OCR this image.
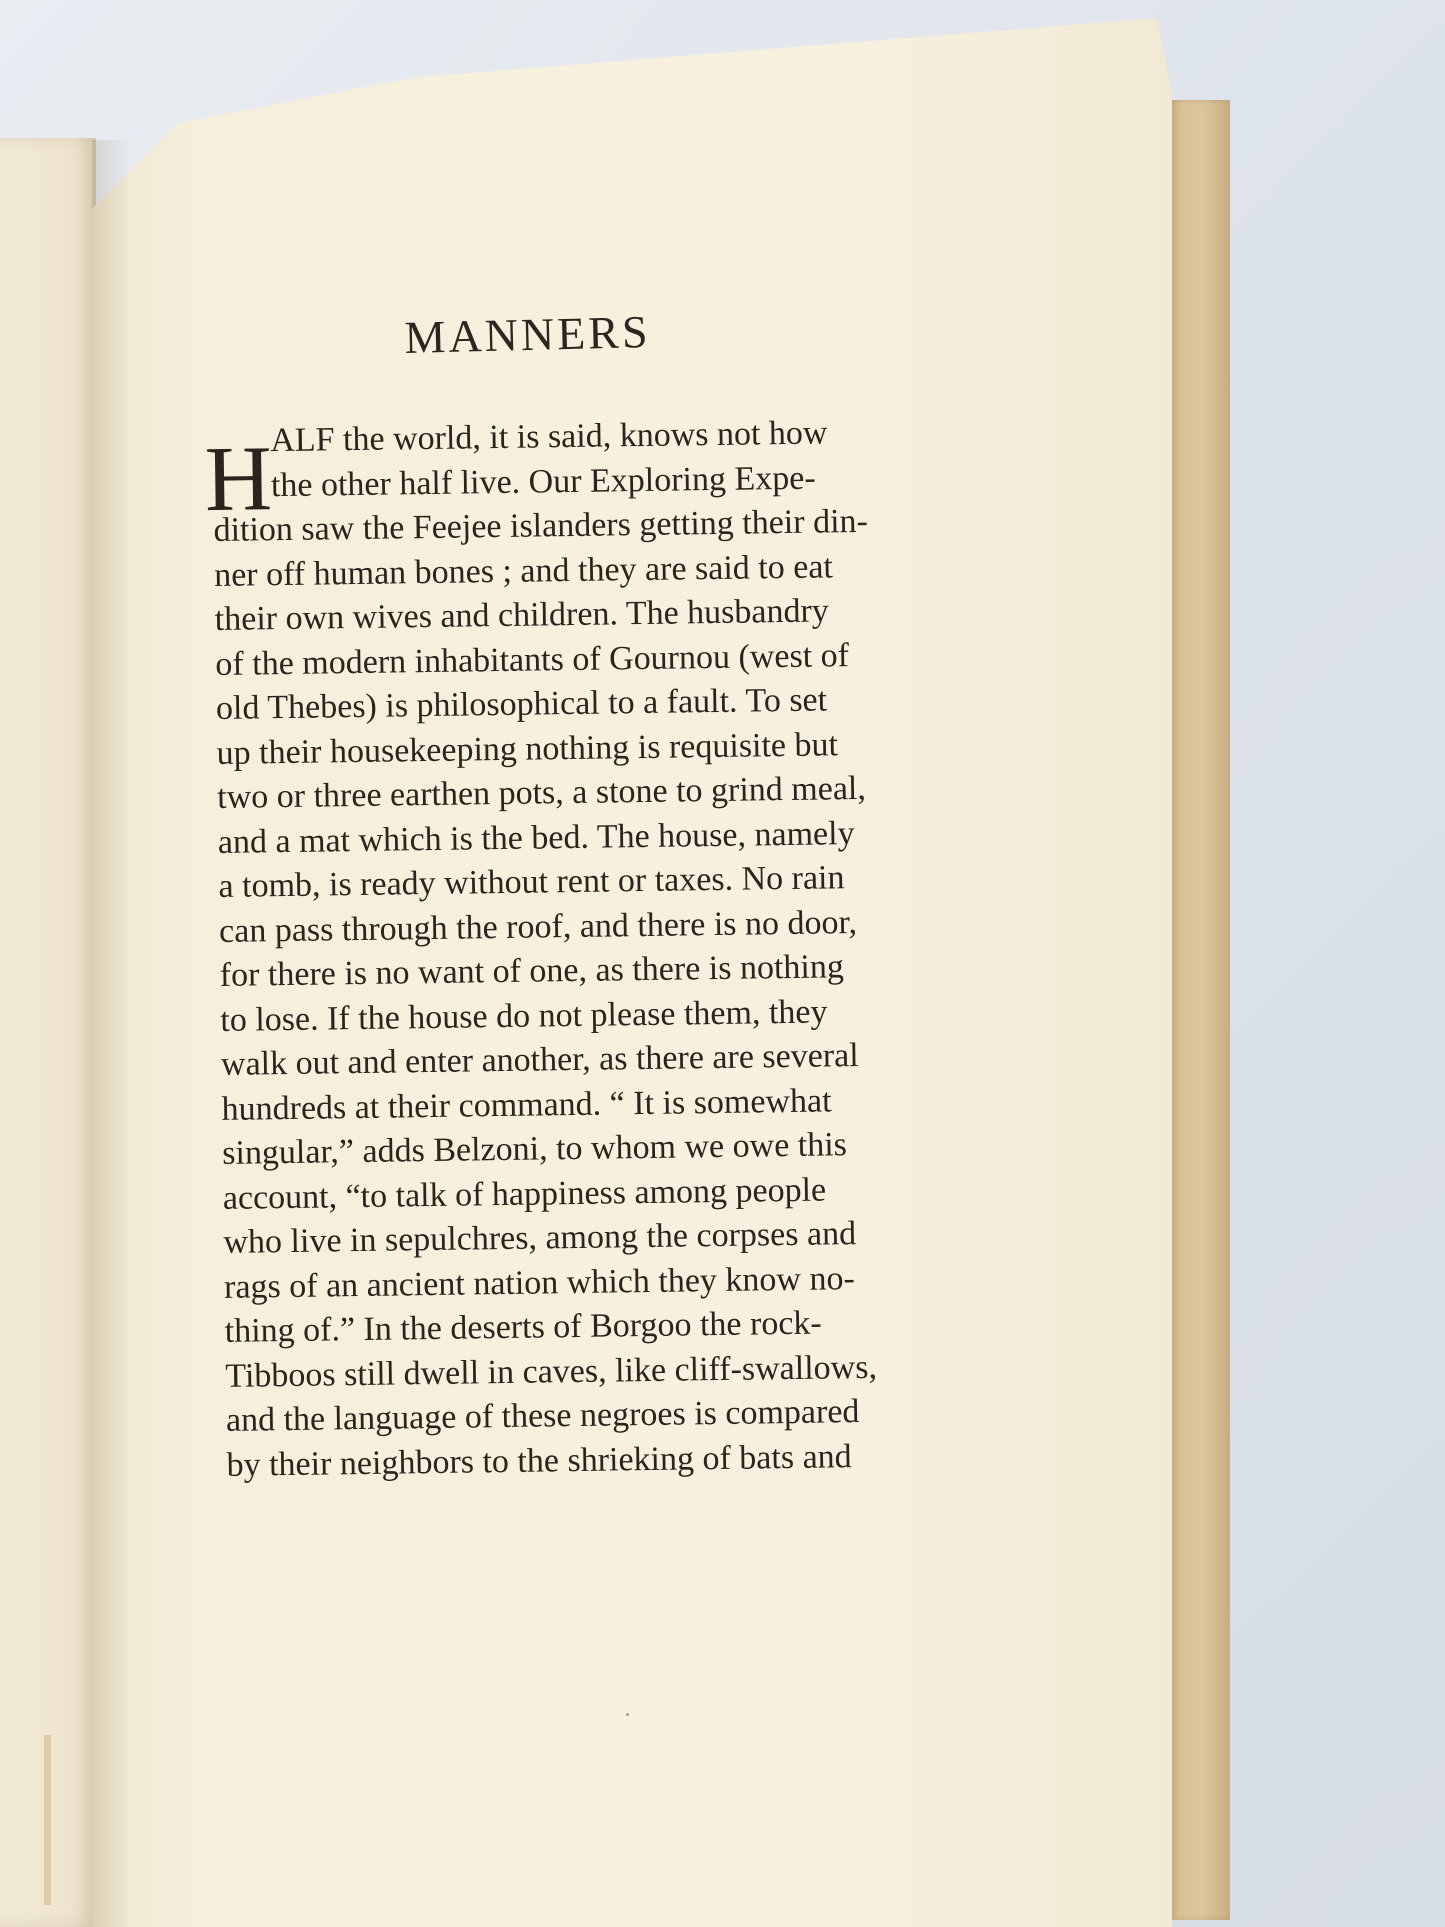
MANNERS
H
ALF the world, it is said, knows not how
the other half live. Our Exploring Expe-
dition saw the Feejee islanders getting their din-
ner off human bones ; and they are said to eat
their own wives and children. The husbandry
of the modern inhabitants of Gournou (west of
old Thebes) is philosophical to a fault. To set
up their housekeeping nothing is requisite but
two or three earthen pots, a stone to grind meal,
and a mat which is the bed. The house, namely
a tomb, is ready without rent or taxes. No rain
can pass through the roof, and there is no door,
for there is no want of one, as there is nothing
to lose. If the house do not please them, they
walk out and enter another, as there are several
hundreds at their command. “ It is somewhat
singular,” adds Belzoni, to whom we owe this
account, “to talk of happiness among people
who live in sepulchres, among the corpses and
rags of an ancient nation which they know no-
thing of.” In the deserts of Borgoo the rock-
Tibboos still dwell in caves, like cliff-swallows,
and the language of these negroes is compared
by their neighbors to the shrieking of bats and
